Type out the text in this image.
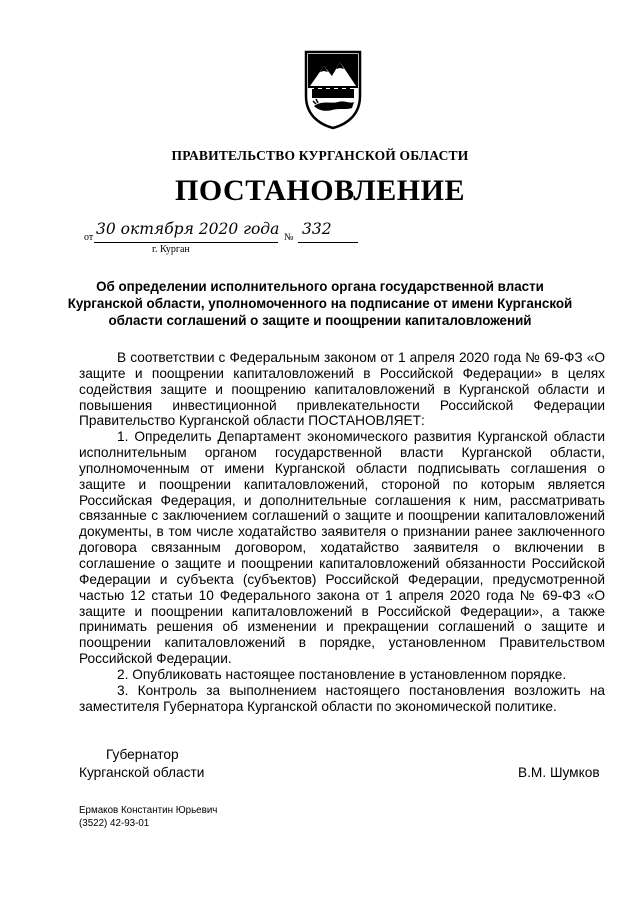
ПРАВИТЕЛЬСТВО КУРГАНСКОЙ ОБЛАСТИ
ПОСТАНОВЛЕНИЕ
от 30 октября 2020 года № 332
г. Курган
Об определении исполнительного органа государственной власти Курганской области, уполномоченного на подписание от имени Курганской области соглашений о защите и поощрении капиталовложений

В соответствии с Федеральным законом от 1 апреля 2020 года № 69-ФЗ «О защите и поощрении капиталовложений в Российской Федерации» в целях содействия защите и поощрению капиталовложений в Курганской области и повышения инвестиционной привлекательности Российской Федерации Правительство Курганской области ПОСТАНОВЛЯЕТ:

1. Определить Департамент экономического развития Курганской области исполнительным органом государственной власти Курганской области, уполномоченным от имени Курганской области подписывать соглашения о защите и поощрении капиталовложений, стороной по которым является Российская Федерация, и дополнительные соглашения к ним, рассматривать связанные с заключением соглашений о защите и поощрении капиталовложений документы, в том числе ходатайство заявителя о признании ранее заключенного договора связанным договором, ходатайство заявителя о включении в соглашение о защите и поощрении капиталовложений обязанности Российской Федерации и субъекта (субъектов) Российской Федерации, предусмотренной частью 12 статьи 10 Федерального закона от 1 апреля 2020 года № 69-ФЗ «О защите и поощрении капиталовложений в Российской Федерации», а также принимать решения об изменении и прекращении соглашений о защите и поощрении капиталовложений в порядке, установленном Правительством Российской Федерации.

2. Опубликовать настоящее постановление в установленном порядке.

3. Контроль за выполнением настоящего постановления возложить на заместителя Губернатора Курганской области по экономической политике.

Губернатор
Курганской области	В.М. Шумков
Ермаков Константин Юрьевич
(3522) 42-93-01
